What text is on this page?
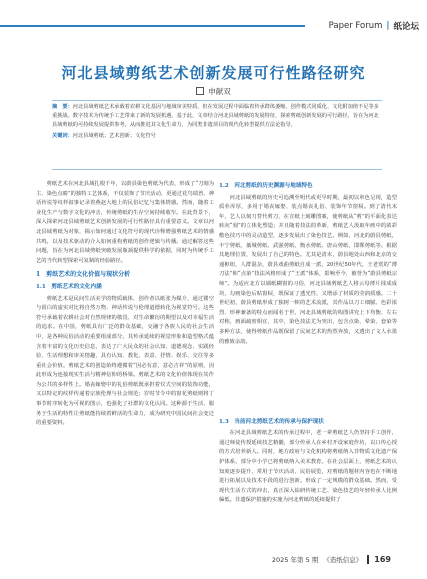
Paper Forum | 纸论坛
河北县域剪纸艺术创新发展可行性路径研究
申献双

摘　要：河北县域剪纸艺术承载着农耕文化基因与地域审美特质，但在发展过程中面临着传承群体萎缩、创作模式同质化、文化附加值不足等多重挑战。数字技术为传统手工艺带来了新的发展机遇。基于此，文章结合河北县域剪纸的发展特征，探索剪纸创新发展的可行路径，旨在为河北县域剪纸的可持续发展提供参考，从而推进其文化生命力，为同类非遗项目的现代化转型提供方法论指导。

关键词：河北县域剪纸；艺术创新；文化符号

剪纸艺术在河北县域扎根千年，以蔚县染色剪纸为代表，形成了“刀刻为主、染色点睛”的独特工艺体系，不仅装饰了节庆活动，更通过花鸟瑞兽、神话传说等纹样叙事记录着燕赵大地上的民俗记忆与集体情感。然而，随着工业化生产与数字文化的冲击，传统剪纸的生存空间持续收窄。在此背景下，深入探索河北县域剪纸艺术创新发展的可行性路径具有重要意义。文章以河北县域剪纸为对象，揭示如何通过文化符号的现代诠释增强剪纸艺术的情感共鸣，以及技术驱动的介入如何重构剪纸的创作逻辑与传播。通过解答这些问题，旨在为河北县域剪纸突破发展瓶颈提供科学的依据，同时为传统手工艺的当代转型探索可复制的经验路径。

1　剪纸艺术的文化价值与现状分析
1.1　剪纸艺术的文化内涵

剪纸艺术是民间生活美学的物质载体，创作者以纸张为媒介，通过镂空与留白的虚实对比将自然万物、神话传说与伦理道德转化为视觉符号。这些符号承载着农耕社会对自然规律的敬畏、对生命繁衍的期望以及对幸福生活的追求。在中国，剪纸具有广泛的群众基础，交融于各族人民的社会生活中，是各种民俗活动的重要组成部分。其传承延续的视觉形象和造型格式蕴含着丰富的文化历史信息，表达了广大民众的社会认知、道德观念、实践经验、生活理想和审美情趣，具有认知、教化、表意、抒情、娱乐、交往等多重社会价值。剪纸艺术的创造始终遵循着“因必有意，意必吉祥”的原则，因此形成为连接现实生活与精神信仰的桥梁。剪纸艺术的文化价值体现在其作为公共的多样性上。婚丧嫁娶中的礼俗剪纸既承担着仪式空间的装饰功能，又以特定的纹样传递着宗族伦理与社会规范；岁时节令中的窗花剪纸则将丁事节时序转化为可视的图示，也强化了社群的文化认同。这种源于生活、服务于生活的特性让剪纸能持续着鲜活的生命力，成为研究中国民间社会变迁的重要资料。

1.2　河北剪纸的历史渊源与地域特色

河北县域剪纸的历史可追溯至明代或更早时期，最初以单色呈现，造型质朴浑厚，多用于婚丧嫁娶、装点婚丧礼俗、装饰年节窗棂。到了清代末年，艺人以刻刀替代剪刀，在宣纸上刻雕图案，使剪纸从“剪”的平面化表达转向“刻”的立体化塑造；并且随着技法的革新，剪纸艺人汲取年画中的浓彩敷色技巧中的灵动造型，逐步发展出了染色技艺。例如，河北的蔚县剪纸，丰宁剪纸、藁城剪纸、武强剪纸、衡水剪纸、唐山剪纸、邯郸剪纸等。根据其地理位置，发展出了自己的特色。尤其是清末，蔚县地处山西和北京的交通枢纽，人群混杂，蔚县戏曲剪纸自成一派，20世纪50年代，王老赏的“薄刀法”和“点染”技法风格形成了“王派”体系，影响至今，被誉为“蔚县剪纸宗师”。为适应北方以墙纸糊窗的习俗，河北县域剪纸艺人将云母薄片揉成成块，勾画染色后贴窗棂，既保证了透光性，又增添了材质的莹润质感。二十世纪初，蔚县剪纸形成了独树一帜的艺术流派，其作品以刀工细腻、色彩浓烈、形神兼备的特点而闻名于世，河北县域剪纸的构图讲究上下均衡、左右对称，画面疏密相宜，其中，染色技法尤为突出，包含点染、晕染、套染等多种方法，使得剪纸作品既保留了民间艺术的热烈奔放，又透出了文人水墨的雅致余韵。

1.3　当前河北剪纸艺术的传承与保护现状

在河北县域剪纸艺术的传承过程中，老一辈剪纸艺人仍坚持手工创作，通过师徒传授延续技艺精髓，部分传承人在乡村开设家庭作坊，以口传心授的方式培养新人。同时，地方政府与文化机构将剪纸纳入非物质文化遗产保护体系，部分中小学已将剪纸纳入美术教育。在社会层面上，剪纸艺术的认知度逐步提升，常用于节庆活动、民俗展览，对剪纸的题材内容也在不断地进行拓展以及技术手段的进行创新。形成了一定规模的群众基础。然而，受现代生活方式的冲击，真正深入钻研传统工艺、染色技艺的年轻传承人比例偏低。非遗保护措施的实施为河北剪纸的延续提供了

2025 年第 5 期 《造纸信息》 169
